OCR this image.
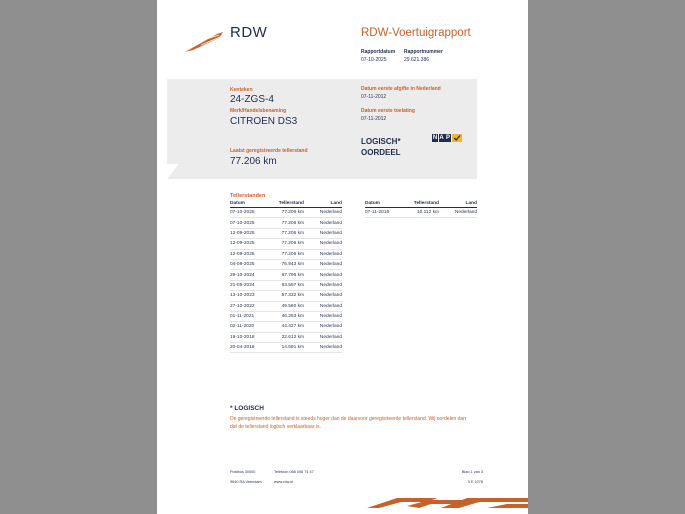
RDW	RDW-Voertuigrapport
Rapportdatum
07-10-2025
Rapportnummer
29.621.386
Kenteken
24-ZGS-4
Merk/Handelsbenaming
CITROEN DS3
Laatst geregistreerde tellerstand
77.206 km
Datum eerste afgifte in Nederland
07-11-2012
Datum eerste toelating
07-11-2012
LOGISCH*
OORDEEL
N A P
Tellerstanden
Datum	Tellerstand	Land
07-10-2025	77.206 km	Nederland
07-10-2025	77.206 km	Nederland
12-09-2025	77.206 km	Nederland
12-09-2025	77.206 km	Nederland
12-09-2025	77.206 km	Nederland
04-09-2025	76.943 km	Nederland
29-10-2024	67.795 km	Nederland
21-05-2024	63.597 km	Nederland
13-10-2023	57.332 km	Nederland
27-10-2022	49.560 km	Nederland
01-11-2021	46.283 km	Nederland
02-11-2020	44.427 km	Nederland
19-10-2018	22.612 km	Nederland
20-04-2018	14.591 km	Nederland
Datum	Tellerstand	Land
07-11-2016	10.112 km	Nederland
* LOGISCH
De geregistreerde tellerstand is steeds hoger dan de daarvoor geregistreerde tellerstand. Wij oordelen dan
dat de tellerstand logisch verklaarbaar is.
Postbus 30000
9640 RA Veendam
Telefoon 088 008 74 47
www.rdw.nl
Blad 1 van 3
3 E 1078
